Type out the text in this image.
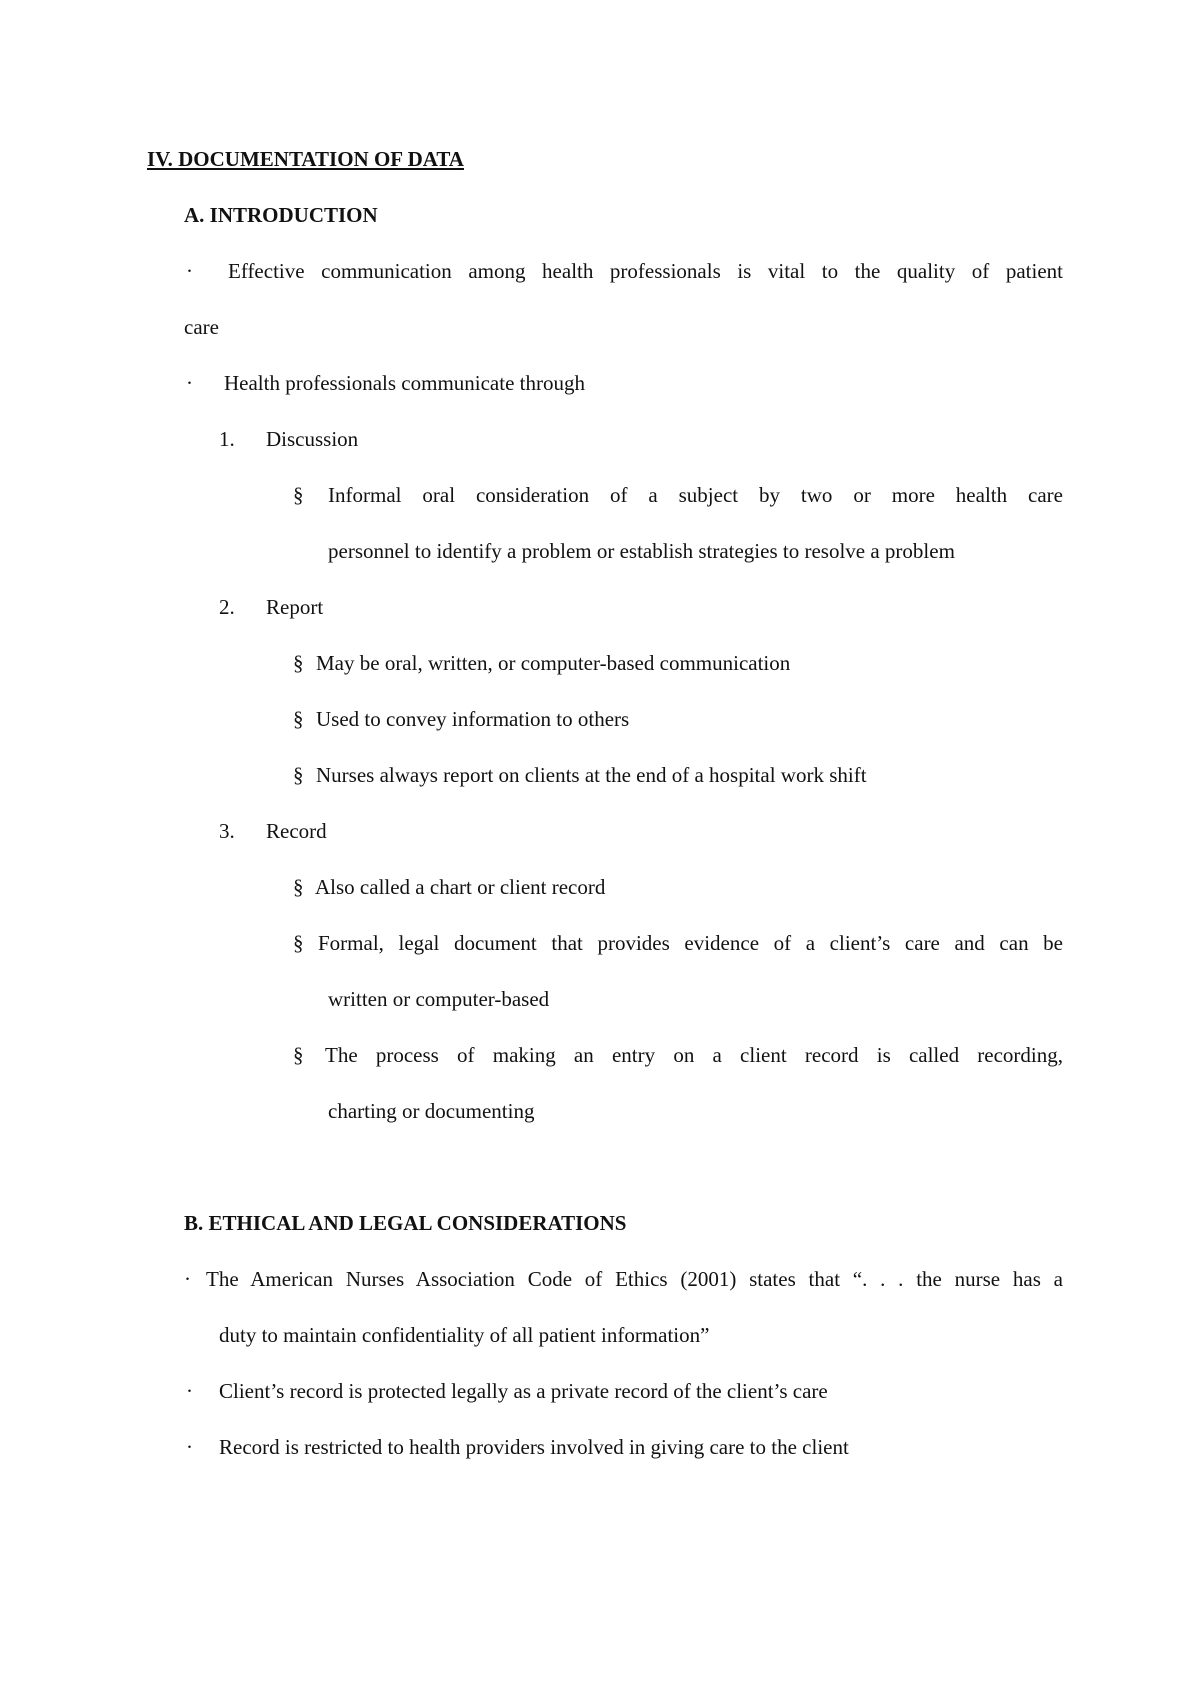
IV. DOCUMENTATION OF DATA
A. INTRODUCTION
· Effective communication among health professionals is vital to the quality of patient
care
· Health professionals communicate through
1. Discussion
§ Informal oral consideration of a subject by two or more health care
personnel to identify a problem or establish strategies to resolve a problem
2. Report
§ May be oral, written, or computer-based communication
§ Used to convey information to others
§ Nurses always report on clients at the end of a hospital work shift
3. Record
§ Also called a chart or client record
§ Formal, legal document that provides evidence of a client’s care and can be
written or computer-based
§ The process of making an entry on a client record is called recording,
charting or documenting
B. ETHICAL AND LEGAL CONSIDERATIONS
· The American Nurses Association Code of Ethics (2001) states that “. . . the nurse has a
duty to maintain confidentiality of all patient information”
· Client’s record is protected legally as a private record of the client’s care
· Record is restricted to health providers involved in giving care to the client
